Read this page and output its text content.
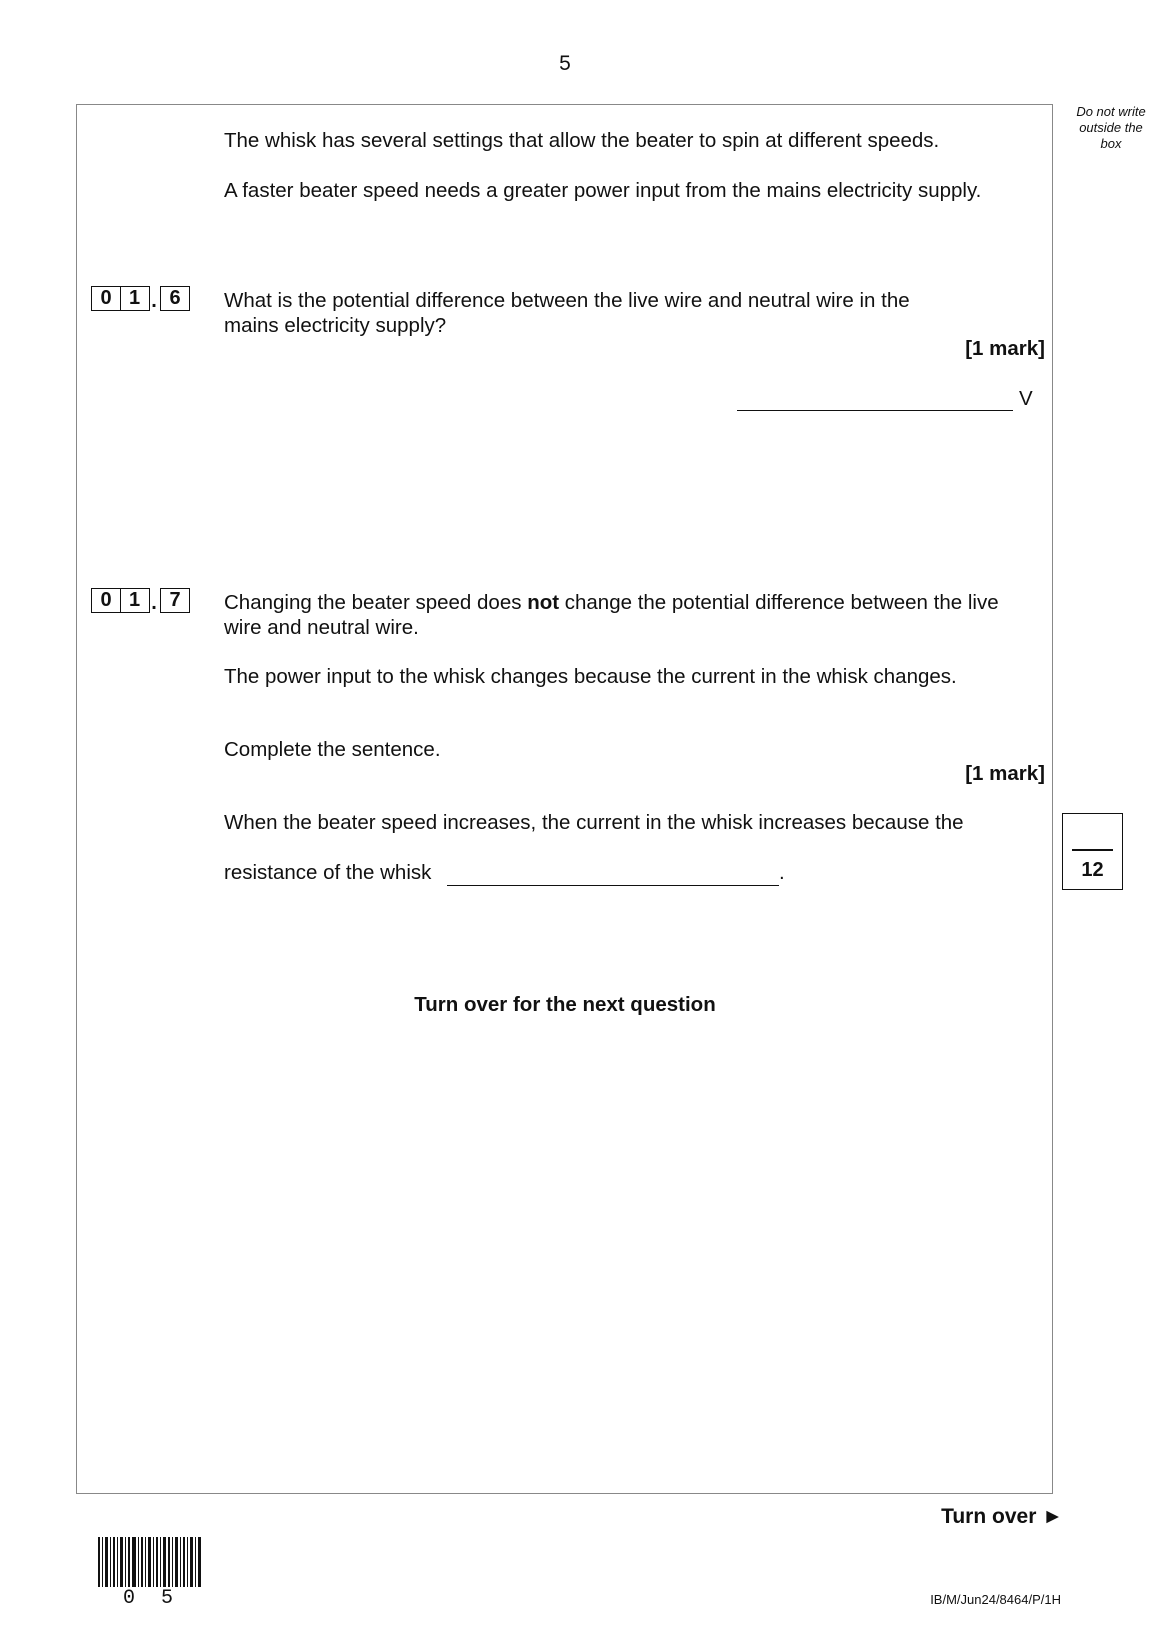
5
Do not write
outside the
box
The whisk has several settings that allow the beater to spin at different speeds.
A faster beater speed needs a greater power input from the mains electricity supply.
0 1 . 6	What is the potential difference between the live wire and neutral wire in the
mains electricity supply?
[1 mark]
V
0 1 . 7	Changing the beater speed does not change the potential difference between the live
wire and neutral wire.
The power input to the whisk changes because the current in the whisk changes.
Complete the sentence.
[1 mark]
When the beater speed increases, the current in the whisk increases because the
resistance of the whisk	.	12
Turn over for the next question
Turn over ►
0 5	IB/M/Jun24/8464/P/1H
